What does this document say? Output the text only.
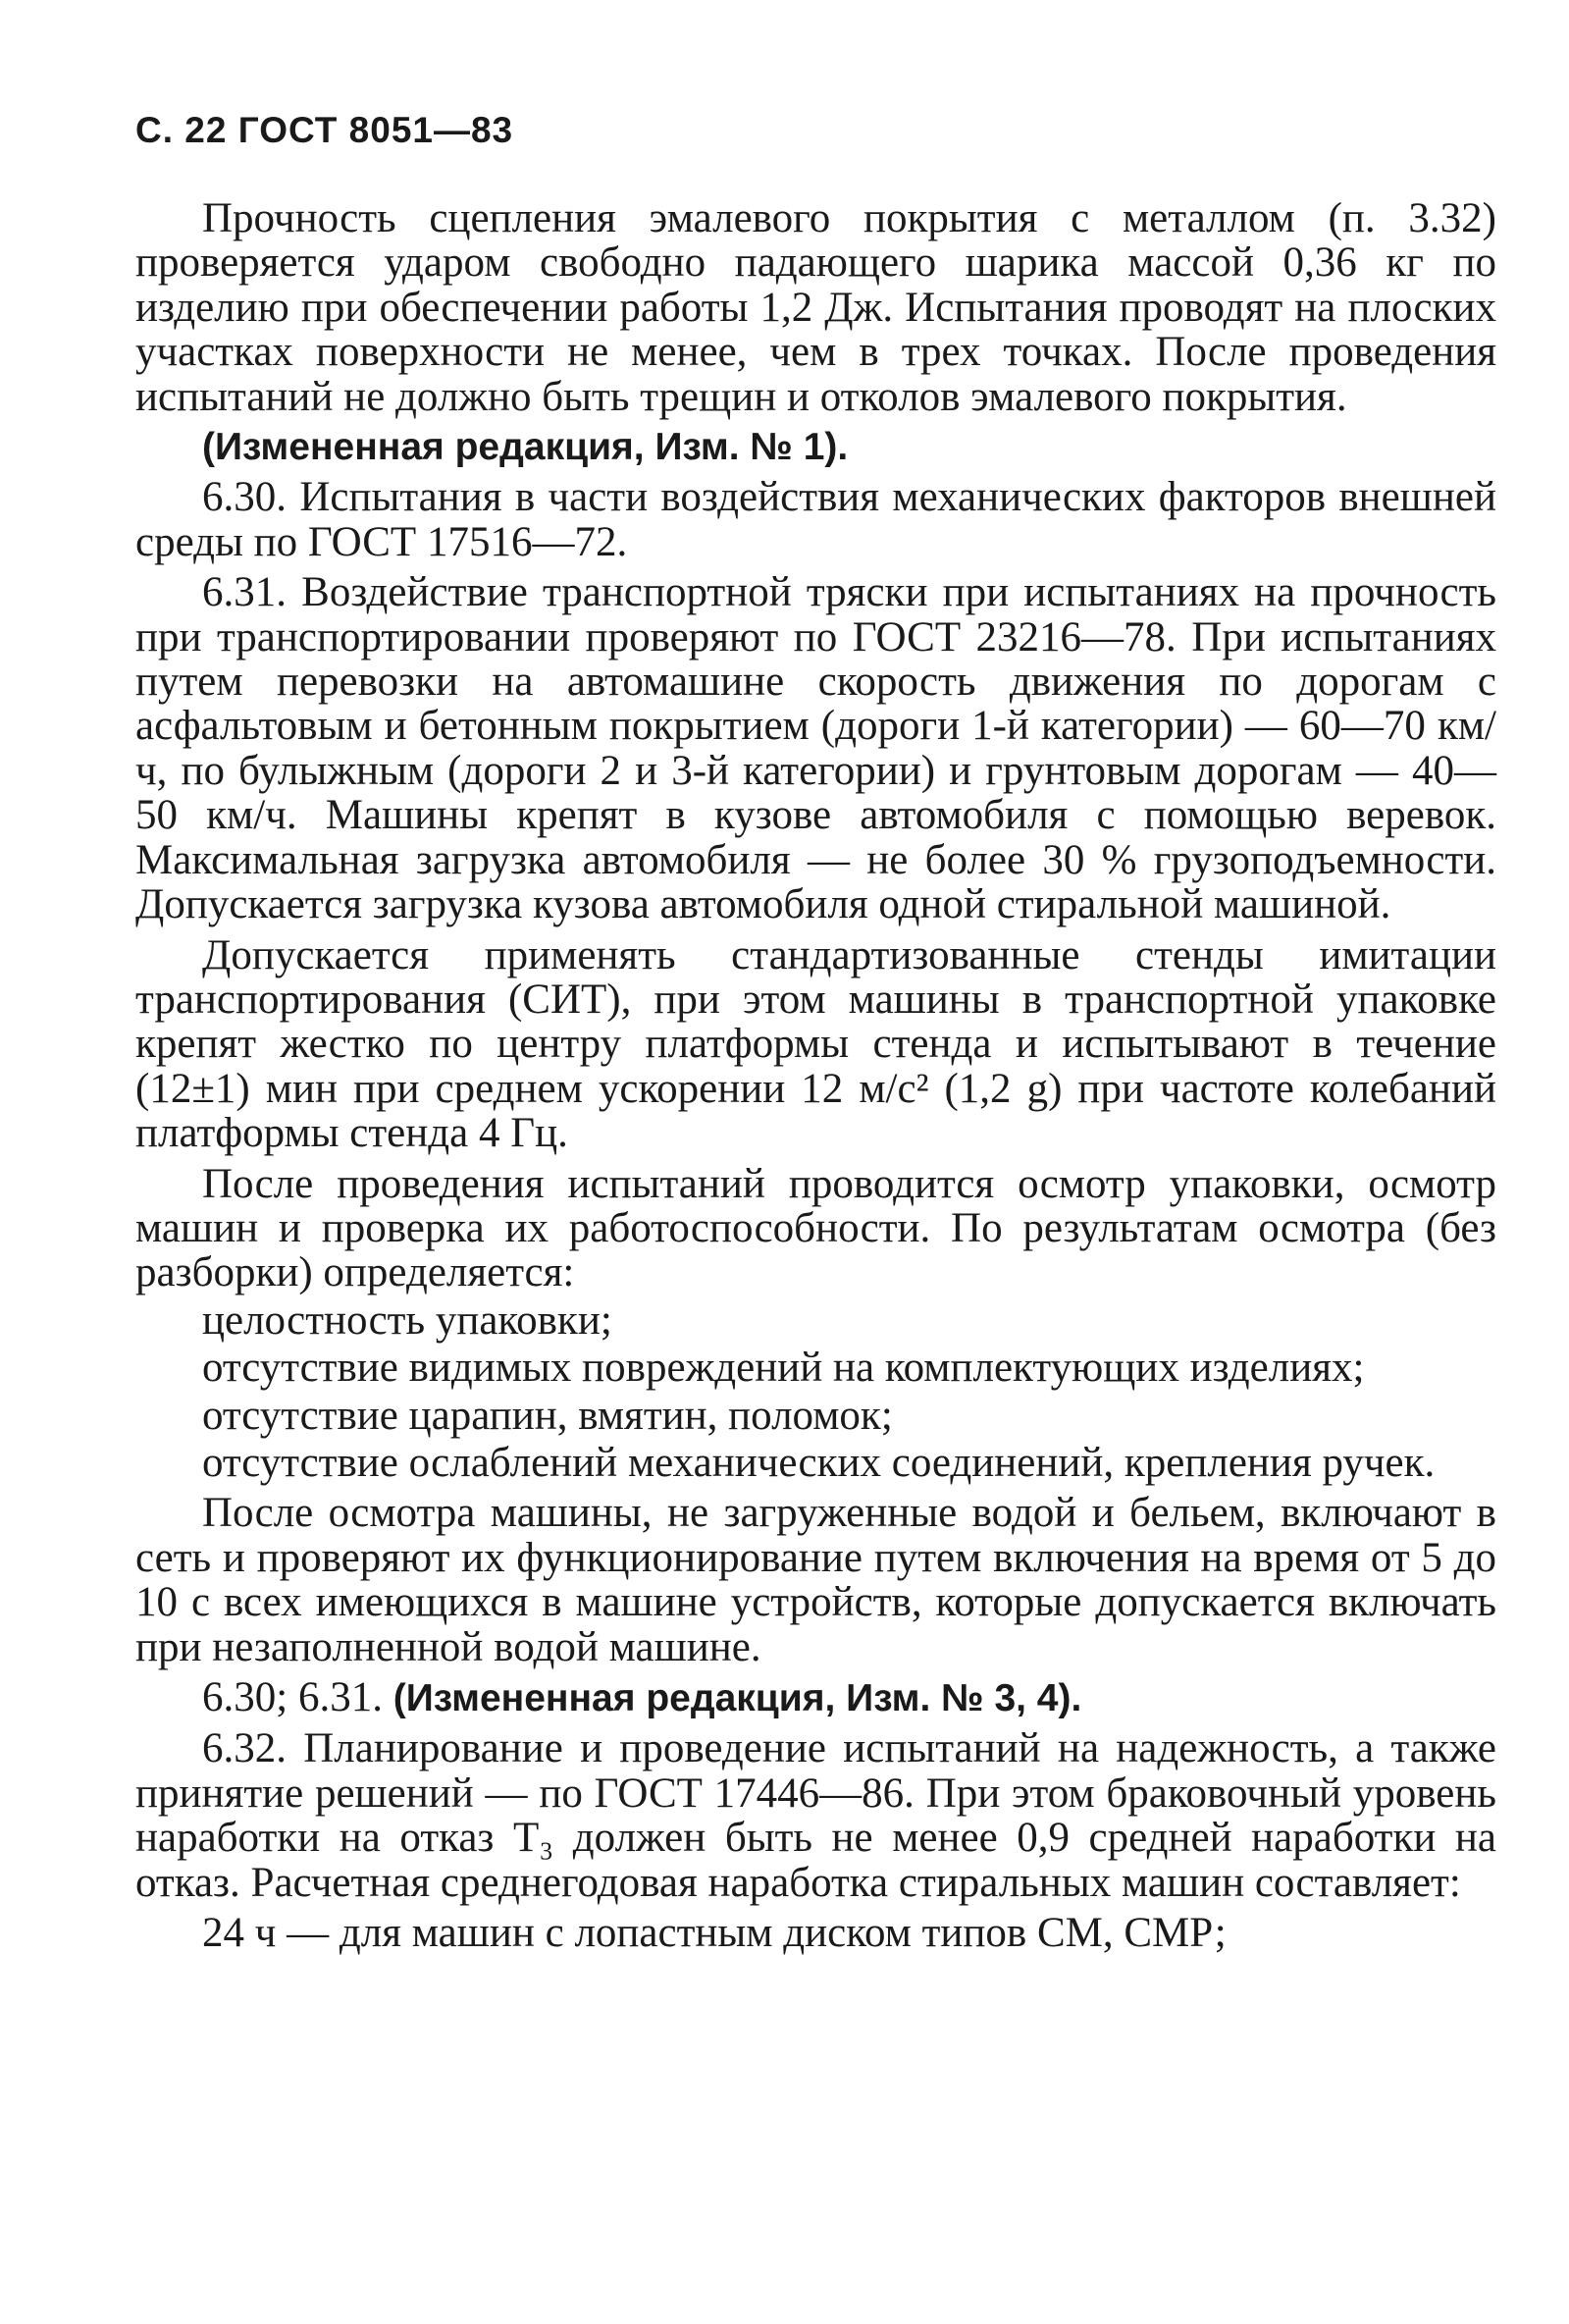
С. 22 ГОСТ 8051—83

Прочность сцепления эмалевого покрытия с металлом (п. 3.32) проверяется ударом свободно падающего шарика массой 0,36 кг по изделию при обеспечении работы 1,2 Дж. Испытания проводят на плоских участках поверхности не менее, чем в трех точках. После проведения испытаний не должно быть трещин и отколов эмалевого покрытия.

(Измененная редакция, Изм. № 1).

6.30. Испытания в части воздействия механических факторов внешней среды по ГОСТ 17516—72.

6.31. Воздействие транспортной тряски при испытаниях на прочность при транспортировании проверяют по ГОСТ 23216—78. При испытаниях путем перевозки на автомашине скорость движения по дорогам с асфальтовым и бетонным покрытием (дороги 1-й категории) — 60—70 км/ч, по булыжным (дороги 2 и 3-й категории) и грунтовым дорогам — 40—50 км/ч. Машины крепят в кузове автомобиля с помощью веревок. Максимальная загрузка автомобиля — не более 30 % грузоподъемности. Допускается загрузка кузова автомобиля одной стиральной машиной.

Допускается применять стандартизованные стенды имитации транспортирования (СИТ), при этом машины в транспортной упаковке крепят жестко по центру платформы стенда и испытывают в течение (12±1) мин при среднем ускорении 12 м/с² (1,2 g) при частоте колебаний платформы стенда 4 Гц.

После проведения испытаний проводится осмотр упаковки, осмотр машин и проверка их работоспособности. По результатам осмотра (без разборки) определяется:

целостность упаковки;

отсутствие видимых повреждений на комплектующих изделиях;

отсутствие царапин, вмятин, поломок;

отсутствие ослаблений механических соединений, крепления ручек.

После осмотра машины, не загруженные водой и бельем, включают в сеть и проверяют их функционирование путем включения на время от 5 до 10 с всех имеющихся в машине устройств, которые допускается включать при незаполненной водой машине.

6.30; 6.31. (Измененная редакция, Изм. № 3, 4).

6.32. Планирование и проведение испытаний на надежность, а также принятие решений — по ГОСТ 17446—86. При этом браковочный уровень наработки на отказ Т₃ должен быть не менее 0,9 средней наработки на отказ. Расчетная среднегодовая наработка стиральных машин составляет:

24 ч — для машин с лопастным диском типов СМ, СМР;
